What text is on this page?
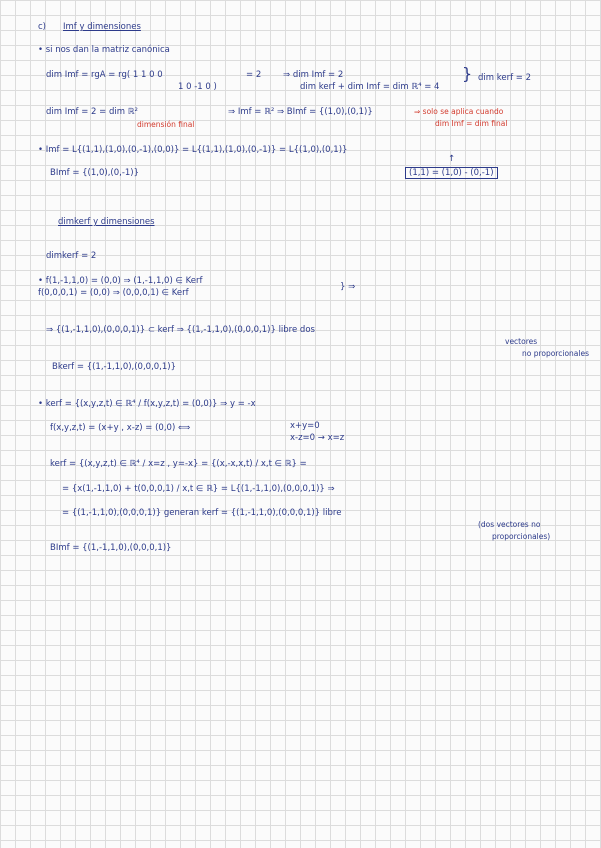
c) Imf y dimensiones
• si nos dan la matriz canónica
dim Imf = rgA = rg( 1 1 0 0
1 0 -1 0 )
= 2	⇒ dim Imf = 2
dim kerf + dim Imf = dim ℝ⁴ = 4
} dim kerf = 2
dim Imf = 2 = dim ℝ²
dimensión final
⇒ Imf = ℝ² ⇒ BImf = {(1,0),(0,1)}	⇒ solo se aplica cuando
dim Imf = dim final
• Imf = L{(1,1),(1,0),(0,-1),(0,0)} = L{(1,1),(1,0),(0,-1)} = L{(1,0),(0,1)}
↑
(1,1) = (1,0) - (0,-1)
BImf = {(1,0),(0,-1)}
dimkerf y dimensiones
dimkerf = 2
• f(1,-1,1,0) = (0,0) ⇒ (1,-1,1,0) ∈ Kerf
f(0,0,0,1) = (0,0) ⇒ (0,0,0,1) ∈ Kerf
} ⇒
⇒ {(1,-1,1,0),(0,0,0,1)} ⊂ kerf ⇒ {(1,-1,1,0),(0,0,0,1)} libre dos
vectores
no proporcionales
Bkerf = {(1,-1,1,0),(0,0,0,1)}
• kerf = {(x,y,z,t) ∈ ℝ⁴ / f(x,y,z,t) = (0,0)} ⇒ y = -x
f(x,y,z,t) = (x+y , x-z) = (0,0) ⟺	x+y=0
x-z=0 → x=z
kerf = {(x,y,z,t) ∈ ℝ⁴ / x=z , y=-x} = {(x,-x,x,t) / x,t ∈ ℝ} =
= {x(1,-1,1,0) + t(0,0,0,1) / x,t ∈ ℝ} = L{(1,-1,1,0),(0,0,0,1)} ⇒
= {(1,-1,1,0),(0,0,0,1)} generan kerf = {(1,-1,1,0),(0,0,0,1)} libre
(dos vectores no
proporcionales)
BImf = {(1,-1,1,0),(0,0,0,1)}
